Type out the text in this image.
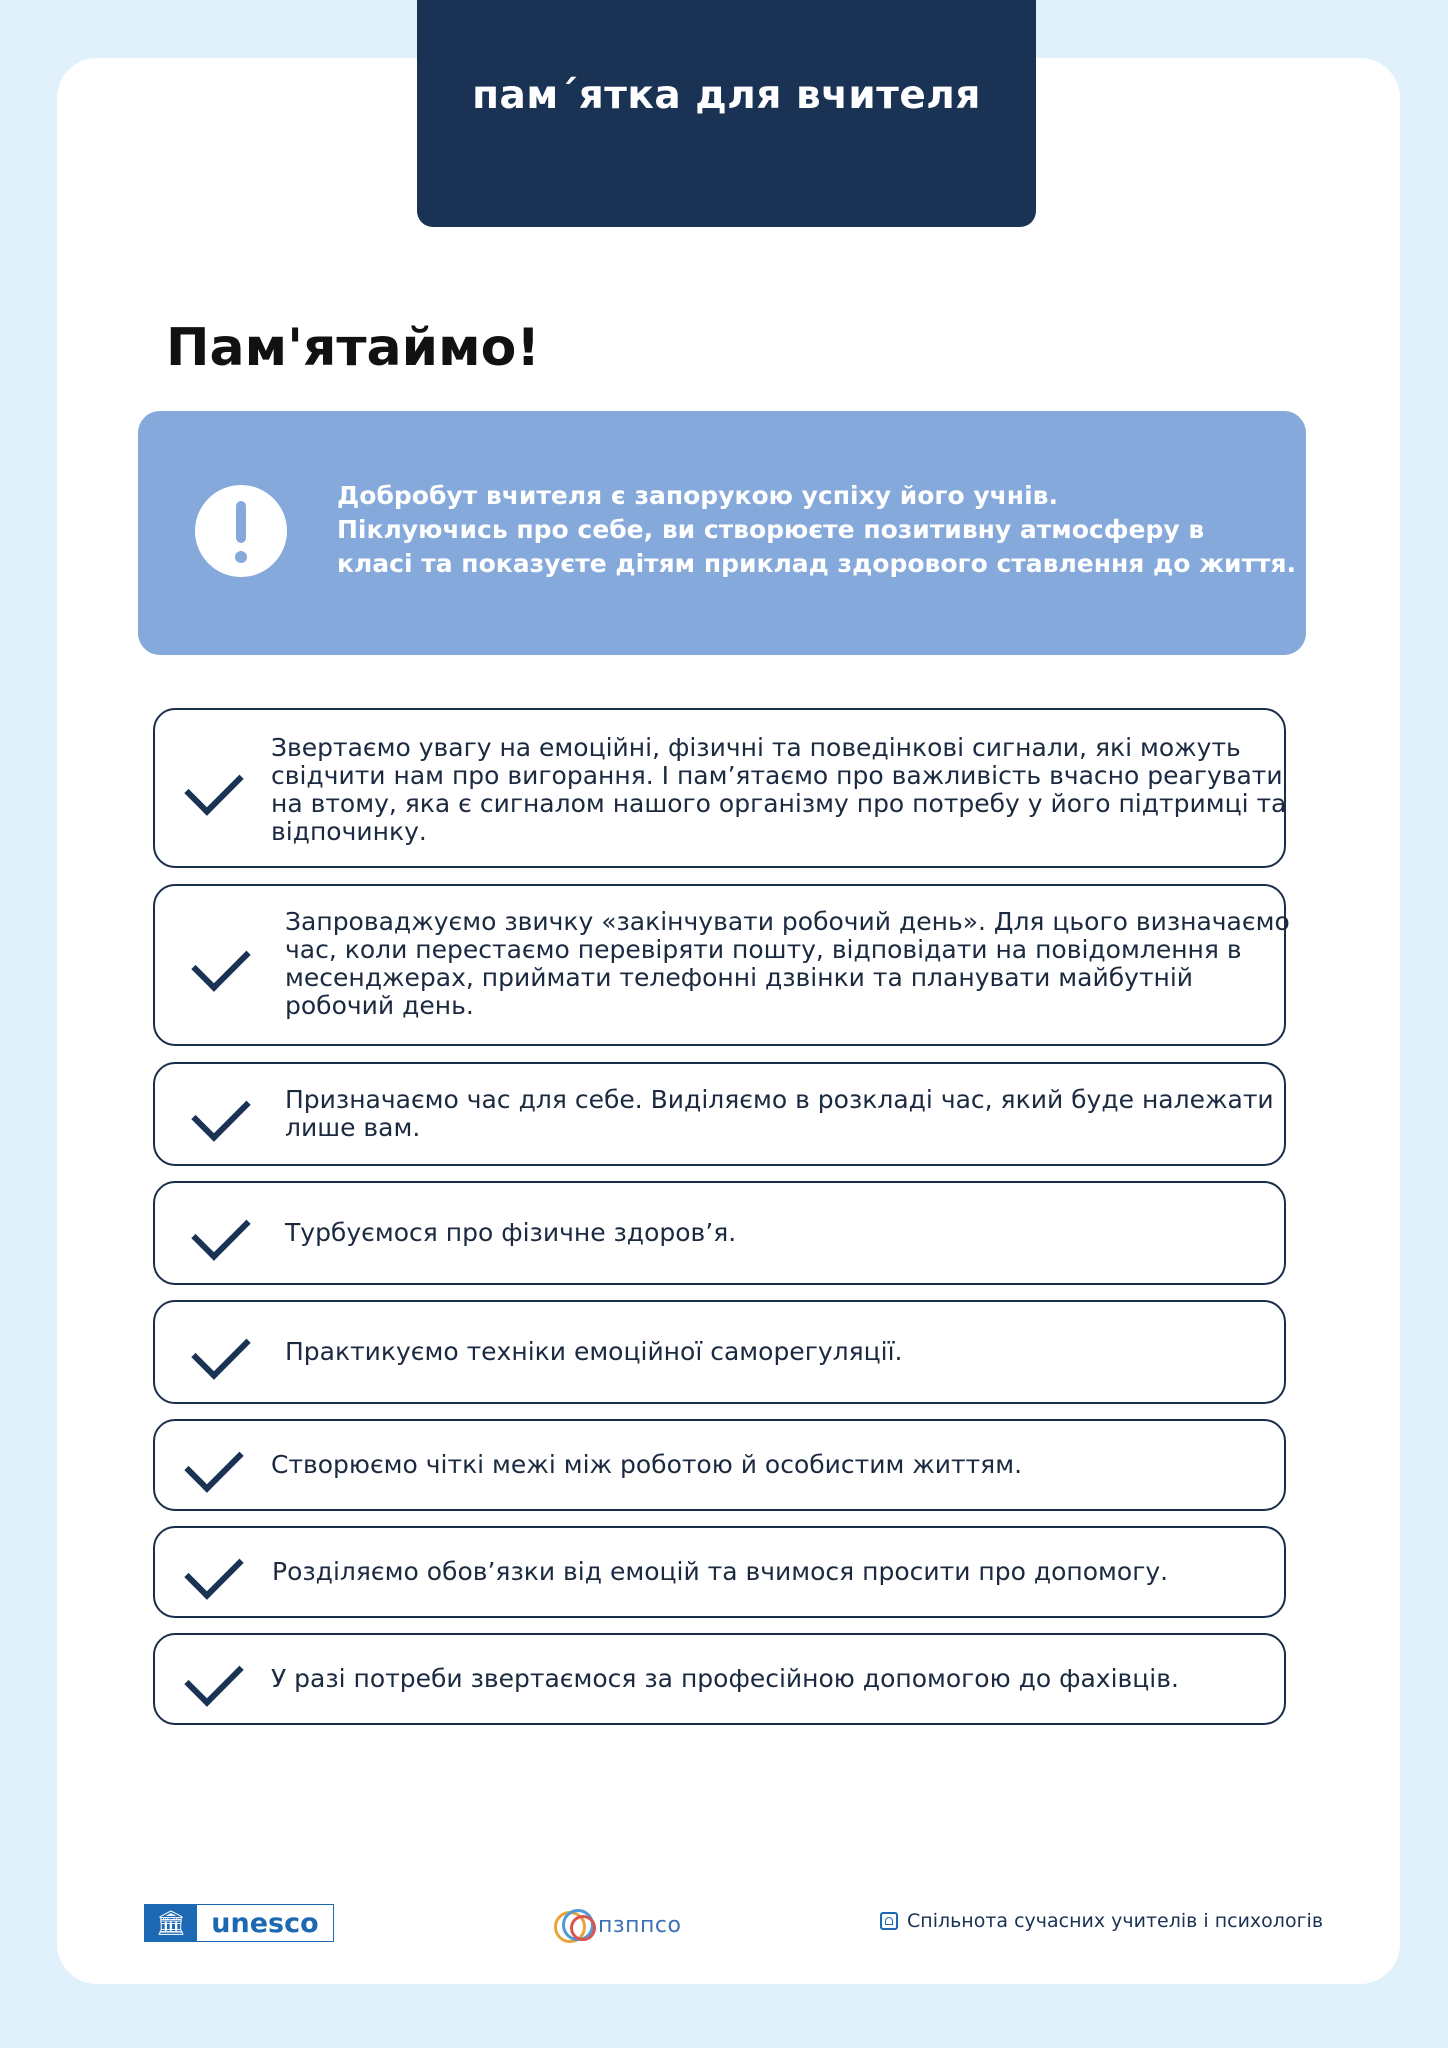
пам´ятка для вчителя
Пам'ятаймо!
Добробут вчителя є запорукою успіху його учнів.
Піклуючись про себе, ви створюєте позитивну атмосферу в
класі та показуєте дітям приклад здорового ставлення до життя.
Звертаємо увагу на емоційні, фізичні та поведінкові сигнали, які можуть
свідчити нам про вигорання. І пам’ятаємо про важливість вчасно реагувати
на втому, яка є сигналом нашого організму про потребу у його підтримці та
відпочинку.
Запроваджуємо звичку «закінчувати робочий день». Для цього визначаємо
час, коли перестаємо перевіряти пошту, відповідати на повідомлення в
месенджерах, приймати телефонні дзвінки та планувати майбутній
робочий день.
Призначаємо час для себе. Виділяємо в розкладі час, який буде належати
лише вам.
Турбуємося про фізичне здоров’я.
Практикуємо техніки емоційної саморегуляції.
Створюємо чіткі межі між роботою й особистим життям.
Розділяємо обов’язки від емоцій та вчимося просити про допомогу.
У разі потреби звертаємося за професійною допомогою до фахівців.
🏛 unesco	пзппсо	Спільнота сучасних учителів і психологів
